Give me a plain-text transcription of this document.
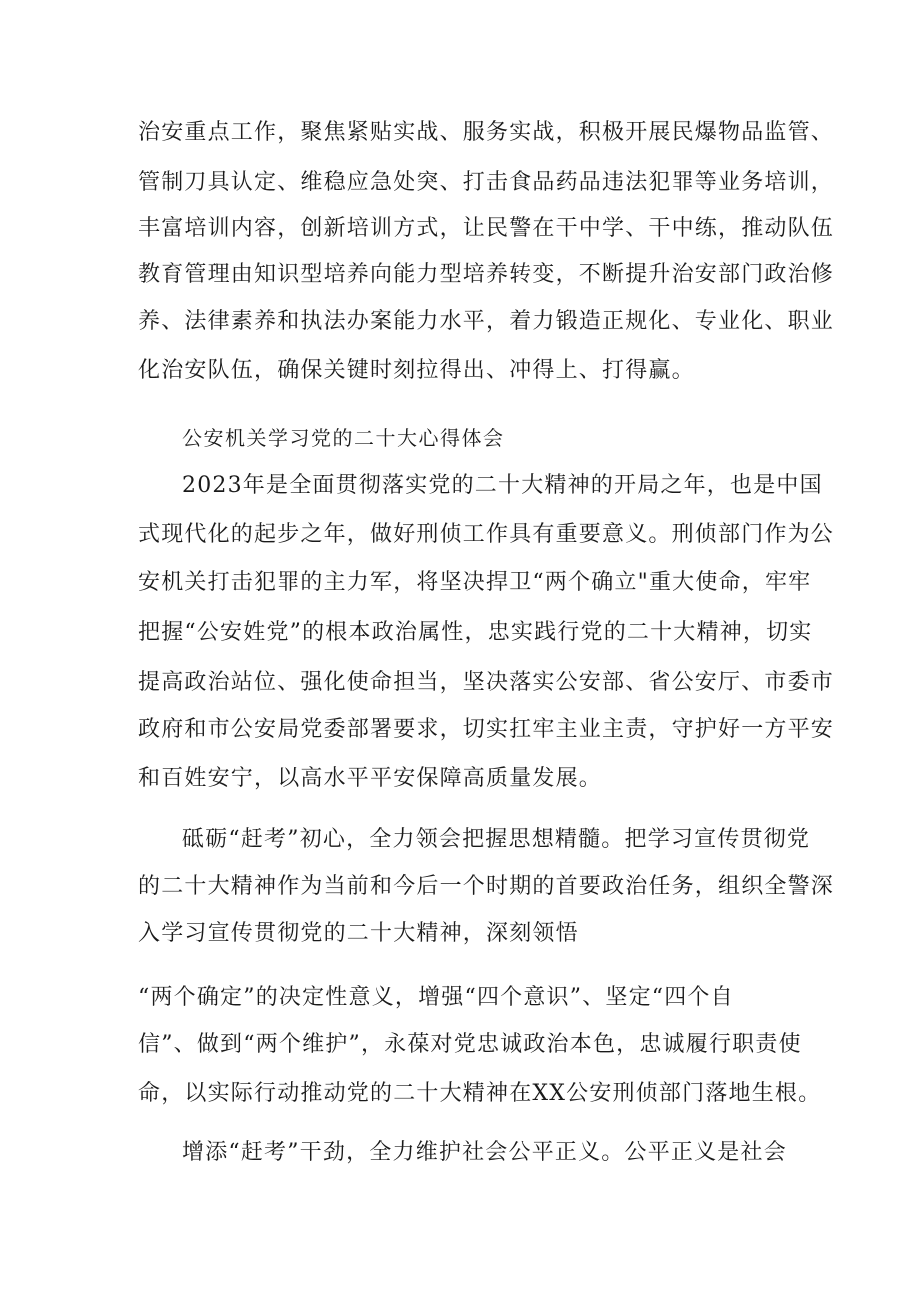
治安重点工作，聚焦紧贴实战、服务实战，积极开展民爆物品监管、
管制刀具认定、维稳应急处突、打击食品药品违法犯罪等业务培训，
丰富培训内容，创新培训方式，让民警在干中学、干中练，推动队伍
教育管理由知识型培养向能力型培养转变，不断提升治安部门政治修
养、法律素养和执法办案能力水平，着力锻造正规化、专业化、职业
化治安队伍，确保关键时刻拉得出、冲得上、打得赢。
公安机关学习党的二十大心得体会
2023年是全面贯彻落实党的二十大精神的开局之年，也是中国
式现代化的起步之年，做好刑侦工作具有重要意义。刑侦部门作为公
安机关打击犯罪的主力军，将坚决捍卫“两个确立"重大使命，牢牢
把握“公安姓党”的根本政治属性，忠实践行党的二十大精神，切实
提高政治站位、强化使命担当，坚决落实公安部、省公安厅、市委市
政府和市公安局党委部署要求，切实扛牢主业主责，守护好一方平安
和百姓安宁，以高水平平安保障高质量发展。
砥砺“赶考”初心，全力领会把握思想精髓。把学习宣传贯彻党
的二十大精神作为当前和今后一个时期的首要政治任务，组织全警深
入学习宣传贯彻党的二十大精神，深刻领悟
“两个确定”的决定性意义，增强“四个意识”、坚定“四个自
信”、做到“两个维护”，永葆对党忠诚政治本色，忠诚履行职责使
命，以实际行动推动党的二十大精神在XX公安刑侦部门落地生根。
增添“赶考”干劲，全力维护社会公平正义。公平正义是社会
